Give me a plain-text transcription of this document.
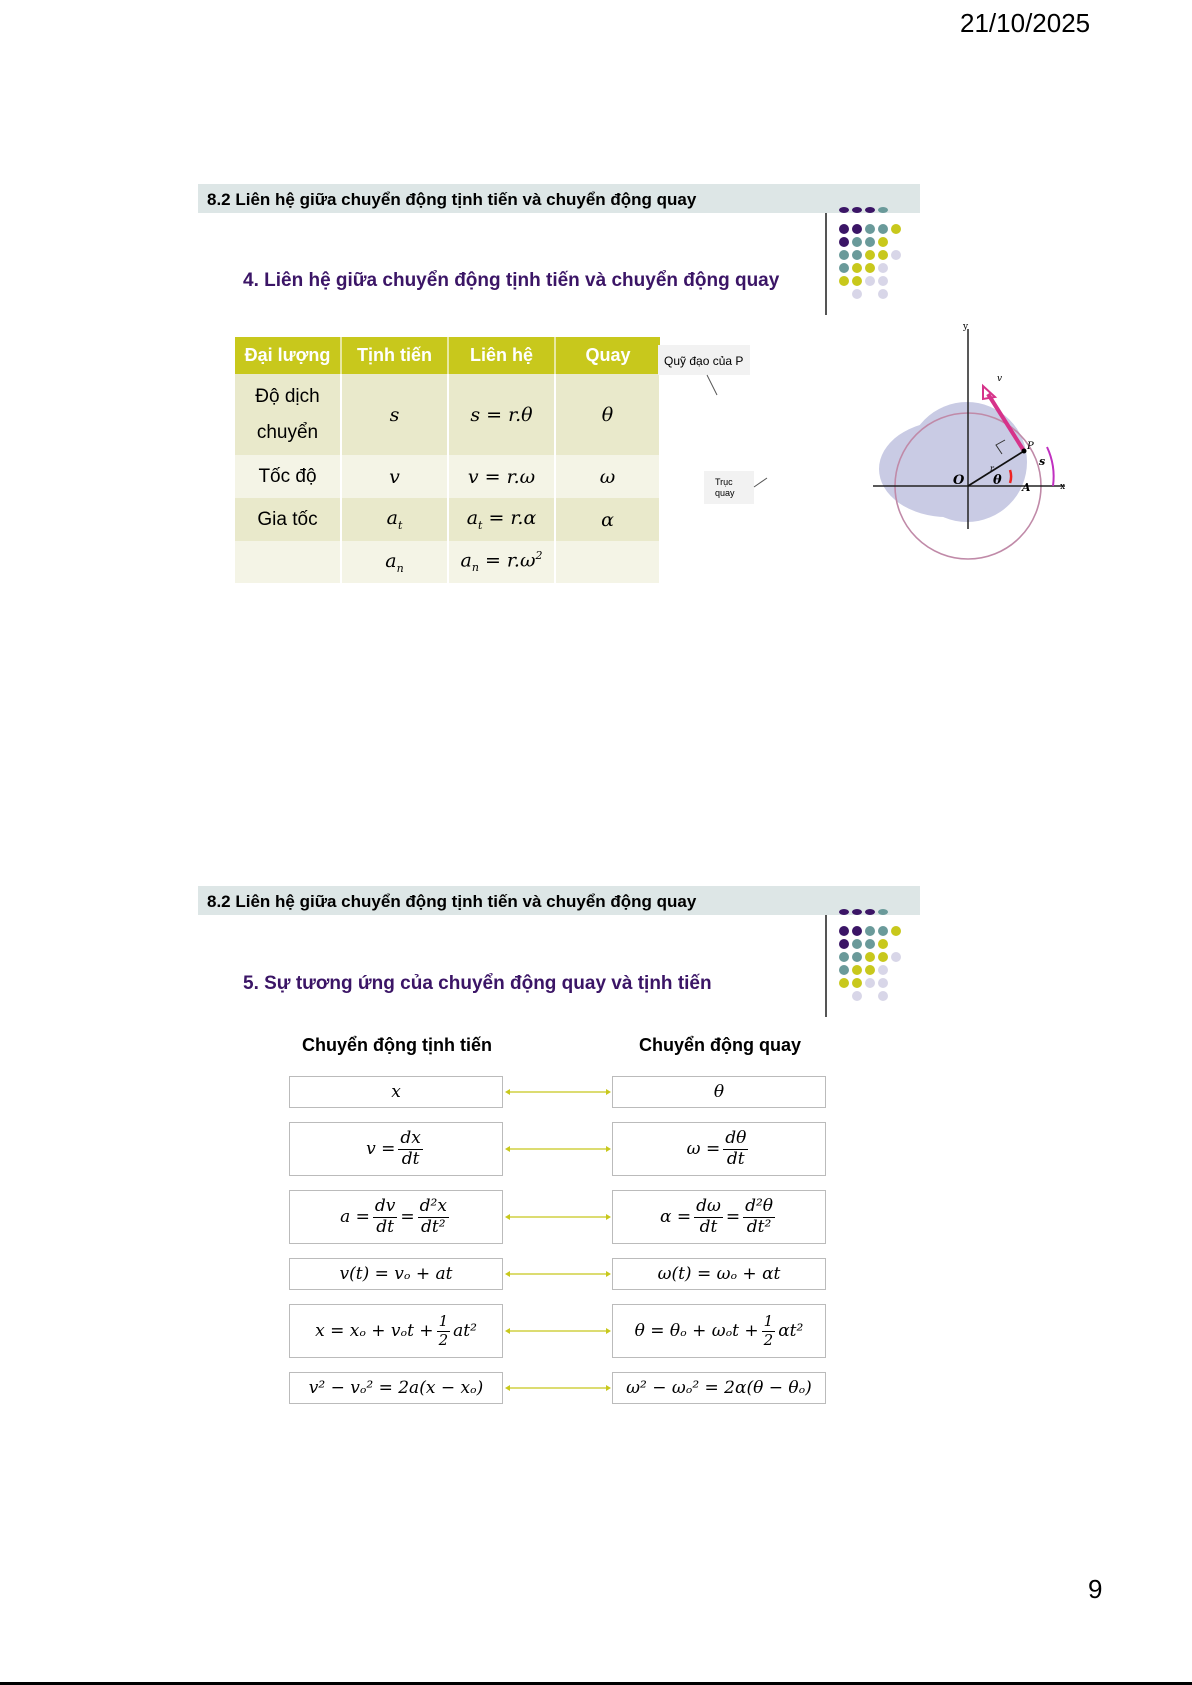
21/10/2025
8.2 Liên hệ giữa chuyển động tịnh tiến và chuyển động quay
4. Liên hệ giữa chuyển động tịnh tiến và chuyển động quay
Đại lượng	Tịnh tiến	Liên hệ	Quay
Độ dịch chuyển	s	s = r.θ	θ
Tốc độ	v	v = r.ω	ω
Gia tốc	$a_t$	$a_t = r.\alpha$	α
	$a_n$	$a_n = r.\omega^2$	
y
x
O θ A
P
s
r
v
Quỹ đạo của P
Trục
quay
8.2 Liên hệ giữa chuyển động tịnh tiến và chuyển động quay
5. Sự tương ứng của chuyển động quay và tịnh tiến
Chuyển động tịnh tiến	Chuyển động quay
x	θ
$v = \frac{dx}{dt}$	$\omega = \frac{d\theta}{dt}$
$a = \frac{dv}{dt} = \frac{\text{d²x}}{\text{dt²}}$	$\alpha = \frac{d\omega}{dt} = \frac{\text{d²θ}}{\text{dt²}}$
v(t) = vₒ + at	ω(t) = ωₒ + αt
$x = x_o + v_ot + \frac{1}{2} at^2$	$\theta = \theta_o + \omega_ot + \frac{1}{2} \alpha t^2$
v² − vₒ² = 2a(x − xₒ)	ω² − ωₒ² = 2α(θ − θₒ)
9
